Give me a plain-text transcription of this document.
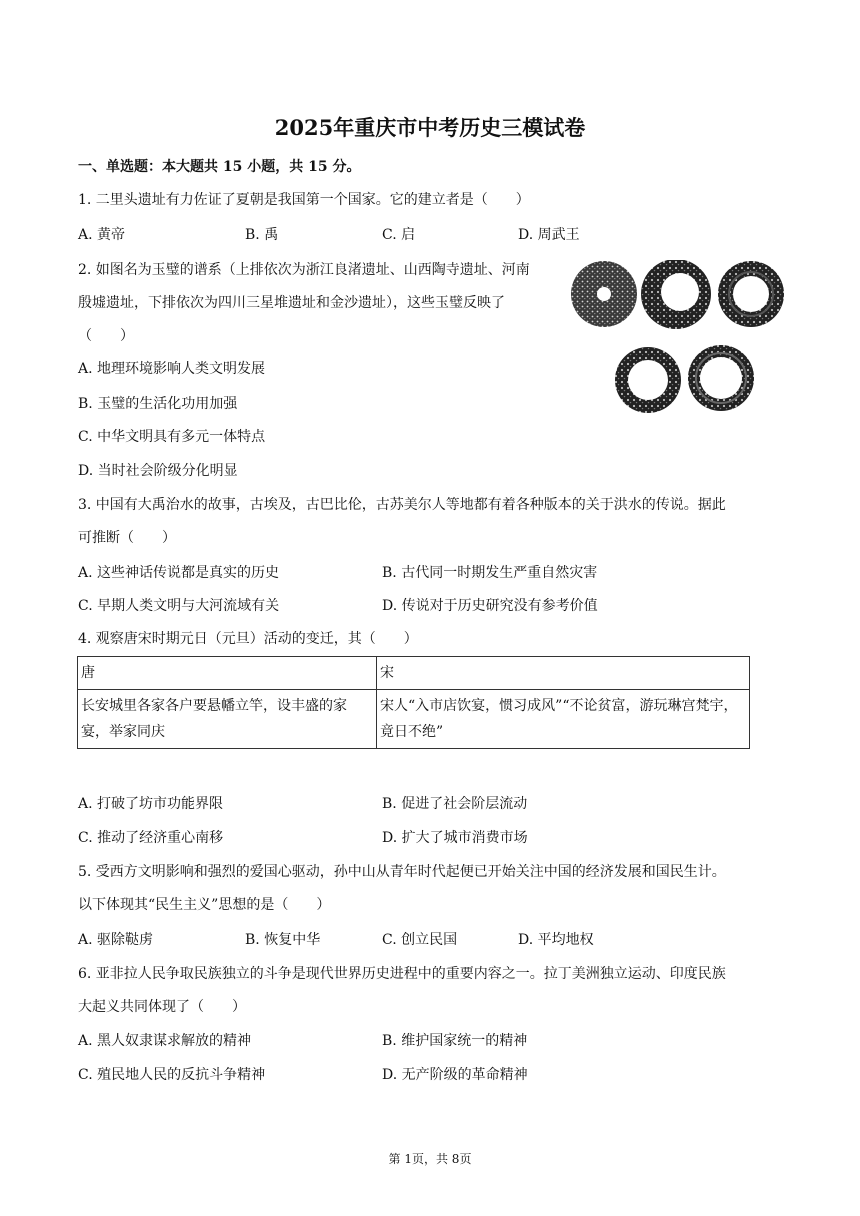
2025年重庆市中考历史三模试卷
一、单选题：本大题共 15 小题，共 15 分。
1. 二里头遗址有力佐证了夏朝是我国第一个国家。它的建立者是（　　）
A. 黄帝	B. 禹	C. 启	D. 周武王
2. 如图名为玉璧的谱系（上排依次为浙江良渚遗址、山西陶寺遗址、河南
殷墟遗址，下排依次为四川三星堆遗址和金沙遗址），这些玉璧反映了
（　　）
A. 地理环境影响人类文明发展
B. 玉璧的生活化功用加强
C. 中华文明具有多元一体特点
D. 当时社会阶级分化明显
3. 中国有大禹治水的故事，古埃及，古巴比伦，古苏美尔人等地都有着各种版本的关于洪水的传说。据此
可推断（　　）
A. 这些神话传说都是真实的历史	B. 古代同一时期发生严重自然灾害
C. 早期人类文明与大河流域有关	D. 传说对于历史研究没有参考价值
4. 观察唐宋时期元日（元旦）活动的变迁，其（　　）
唐	宋
长安城里各家各户要悬幡立竿，设丰盛的家宴，举家同庆	宋人“入市店饮宴，惯习成风”“不论贫富，游玩琳宫梵宇，竟日不绝”
A. 打破了坊市功能界限	B. 促进了社会阶层流动
C. 推动了经济重心南移	D. 扩大了城市消费市场
5. 受西方文明影响和强烈的爱国心驱动，孙中山从青年时代起便已开始关注中国的经济发展和国民生计。
以下体现其“民生主义”思想的是（　　）
A. 驱除鞑虏	B. 恢复中华	C. 创立民国	D. 平均地权
6. 亚非拉人民争取民族独立的斗争是现代世界历史进程中的重要内容之一。拉丁美洲独立运动、印度民族
大起义共同体现了（　　）
A. 黑人奴隶谋求解放的精神	B. 维护国家统一的精神
C. 殖民地人民的反抗斗争精神	D. 无产阶级的革命精神
第 1页，共 8页
